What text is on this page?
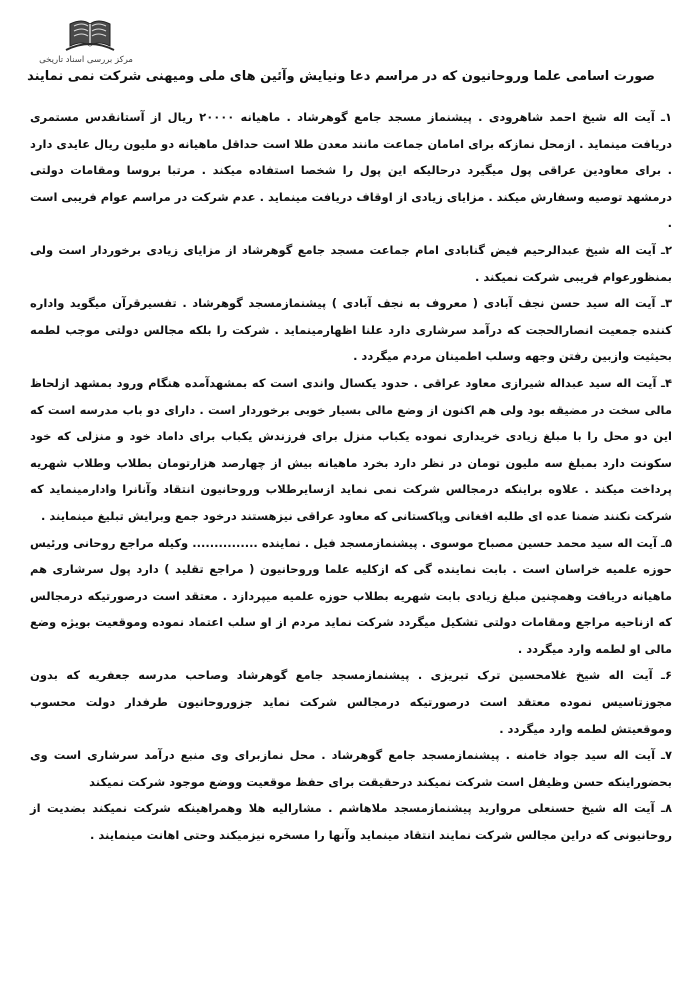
مرکز بررسی اسناد تاریخی
صورت اسامی علما وروحانیون که در مراسم دعا ونیایش وآئین های ملی ومیهنی شرکت نمی نمایند

۱ـ آیت اله شیخ احمد شاهرودی . پیشنماز مسجد جامع گوهرشاد . ماهیانه ۲۰۰۰۰ ریال از آستانقدس مستمری دریافت مینماید . ازمحل نمازکه برای امامان جماعت مانند معدن طلا است حداقل ماهیانه دو ملیون ریال عایدی دارد . برای معاودین عراقی پول میگیرد درحالیکه این پول را شخصا استفاده میکند . مرتبا بروسا ومقامات دولتی درمشهد توصیه وسفارش میکند . مزایای زیادی از اوقاف دریافت مینماید . عدم شرکت در مراسم عوام فریبی است .

۲ـ آیت اله شیخ عبدالرحیم فیض گنابادی امام جماعت مسجد جامع گوهرشاد از مزایای زیادی برخوردار است ولی بمنظورعوام فریبی شرکت نمیکند .

۳ـ آیت اله سید حسن نجف آبادی ( معروف به نجف آبادی ) پیشنمازمسجد گوهرشاد . تفسیرقرآن میگوید واداره کننده جمعیت انصارالحجت که درآمد سرشاری دارد علنا اظهارمینماید . شرکت را بلکه مجالس دولتی موجب لطمه بحیثیت وازبین رفتن وجهه وسلب اطمینان مردم میگردد .

۴ـ آیت اله سید عبداله شیرازی معاود عراقی . حدود یکسال واندی است که بمشهدآمده هنگام ورود بمشهد ازلحاظ مالی سخت در مضیقه بود ولی هم اکنون از وضع مالی بسیار خوبی برخوردار است . دارای دو باب مدرسه است که این دو محل را با مبلغ زیادی خریداری نموده یکباب منزل برای فرزندش یکباب برای داماد خود و منزلی که خود سکونت دارد بمبلغ سه ملیون تومان در نظر دارد بخرد ماهیانه بیش از چهارصد هزارتومان بطلاب وطلاب شهریه پرداخت میکند . علاوه براینکه درمجالس شرکت نمی نماید ازسایرطلاب وروحانیون انتقاد وآنانرا وادارمینماید که شرکت نکنند ضمنا عده ای طلبه افغانی وپاکستانی که معاود عراقی نیزهستند درخود جمع وبرایش تبلیغ مینمایند .

۵ـ آیت اله سید محمد حسین مصباح موسوی . پیشنمازمسجد فیل . نماینده ............... وکیله مراجع روحانی ورئیس حوزه علمیه خراسان است . بابت نماینده گی که ازکلیه علما وروحانیون ( مراجع تقلید ) دارد پول سرشاری هم ماهیانه دریافت وهمچنین مبلغ زیادی بابت شهریه بطلاب حوزه علمیه میپردازد . معتقد است درصورتیکه درمجالس که ازناحیه مراجع ومقامات دولتی تشکیل میگردد شرکت نماید مردم از او سلب اعتماد نموده وموقعیت بویژه وضع مالی او لطمه وارد میگردد .

۶ـ آیت اله شیخ غلامحسین ترک تبریزی . پیشنمازمسجد جامع گوهرشاد وصاحب مدرسه جعفریه که بدون مجوزتاسیس نموده معتقد است درصورتیکه درمجالس شرکت نماید جزوروحانیون طرفدار دولت محسوب وموقعیتش لطمه وارد میگردد .

۷ـ آیت اله سید جواد خامنه . پیشنمازمسجد جامع گوهرشاد . محل نمازبرای وی منبع درآمد سرشاری است وی بحضوراینکه حسن وظیفل است شرکت نمیکند درحقیقت برای حفظ موقعیت ووضع موجود شرکت نمیکند

۸ـ آیت اله شیخ حسنعلی مروارید پیشنمازمسجد ملاهاشم . مشارالیه هلا وهمراهینکه شرکت نمیکند بضدیت از روحانیونی که دراین مجالس شرکت نمایند انتقاد مینماید وآنها را مسخره نیزمیکند وحتی اهانت مینمایند .
